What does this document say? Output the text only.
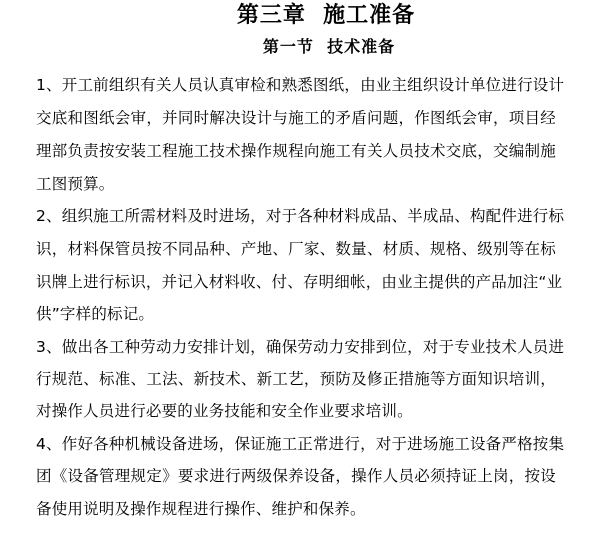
第三章  施工准备
第一节  技术准备
1、开工前组织有关人员认真审检和熟悉图纸，由业主组织设计单位进行设计
交底和图纸会审，并同时解决设计与施工的矛盾问题，作图纸会审，项目经
理部负责按安装工程施工技术操作规程向施工有关人员技术交底，交编制施
工图预算。
2、组织施工所需材料及时进场，对于各种材料成品、半成品、构配件进行标
识，材料保管员按不同品种、产地、厂家、数量、材质、规格、级别等在标
识牌上进行标识，并记入材料收、付、存明细帐，由业主提供的产品加注“业
供”字样的标记。
3、做出各工种劳动力安排计划，确保劳动力安排到位，对于专业技术人员进
行规范、标准、工法、新技术、新工艺，预防及修正措施等方面知识培训，
对操作人员进行必要的业务技能和安全作业要求培训。
4、作好各种机械设备进场，保证施工正常进行，对于进场施工设备严格按集
团《设备管理规定》要求进行两级保养设备，操作人员必须持证上岗，按设
备使用说明及操作规程进行操作、维护和保养。
